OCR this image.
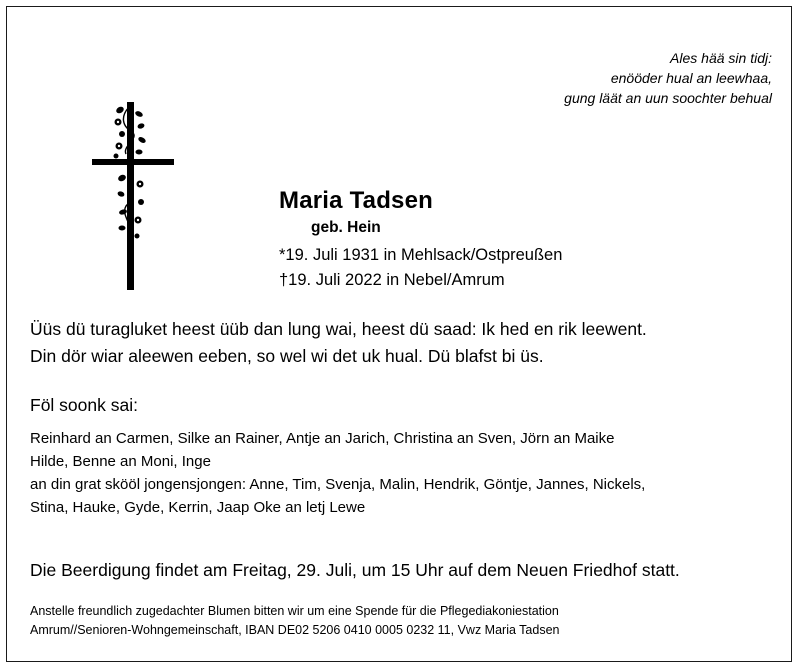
Ales hää sin tidj:
enööder hual an leewhaa,
gung läät an uun soochter behual
Maria Tadsen
geb. Hein
*19. Juli 1931 in Mehlsack/Ostpreußen
†19. Juli 2022 in Nebel/Amrum
Üüs dü turagluket heest üüb dan lung wai, heest dü saad: Ik hed en rik leewent.
Din dör wiar aleewen eeben, so wel wi det uk hual. Dü blafst bi üs.
Föl soonk sai:
Reinhard an Carmen, Silke an Rainer, Antje an Jarich, Christina an Sven, Jörn an Maike
Hilde, Benne an Moni, Inge
an din grat skööl jongensjongen: Anne, Tim, Svenja, Malin, Hendrik, Göntje, Jannes, Nickels,
Stina, Hauke, Gyde, Kerrin, Jaap Oke an letj Lewe
Die Beerdigung findet am Freitag, 29. Juli, um 15 Uhr auf dem Neuen Friedhof statt.
Anstelle freundlich zugedachter Blumen bitten wir um eine Spende für die Pflegediakoniestation
Amrum//Senioren-Wohngemeinschaft, IBAN DE02 5206 0410 0005 0232 11, Vwz Maria Tadsen
